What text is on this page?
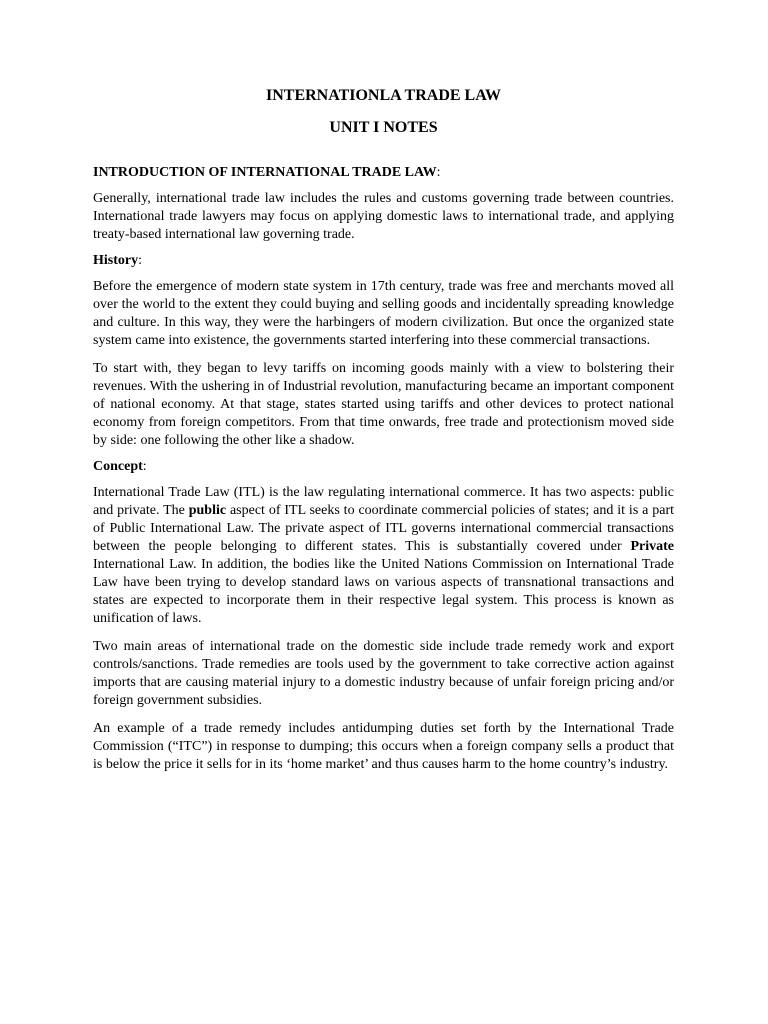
INTERNATIONLA TRADE LAW
UNIT I NOTES
INTRODUCTION OF INTERNATIONAL TRADE LAW:

Generally, international trade law includes the rules and customs governing trade between countries. International trade lawyers may focus on applying domestic laws to international trade, and applying treaty-based international law governing trade.

History:

Before the emergence of modern state system in 17th century, trade was free and merchants moved all over the world to the extent they could buying and selling goods and incidentally spreading knowledge and culture. In this way, they were the harbingers of modern civilization. But once the organized state system came into existence, the governments started interfering into these commercial transactions.

To start with, they began to levy tariffs on incoming goods mainly with a view to bolstering their revenues. With the ushering in of Industrial revolution, manufacturing became an important component of national economy. At that stage, states started using tariffs and other devices to protect national economy from foreign competitors. From that time onwards, free trade and protectionism moved side by side: one following the other like a shadow.

Concept:

International Trade Law (ITL) is the law regulating international commerce. It has two aspects: public and private. The public aspect of ITL seeks to coordinate commercial policies of states; and it is a part of Public International Law. The private aspect of ITL governs international commercial transactions between the people belonging to different states. This is substantially covered under Private International Law. In addition, the bodies like the United Nations Commission on International Trade Law have been trying to develop standard laws on various aspects of transnational transactions and states are expected to incorporate them in their respective legal system. This process is known as unification of laws.

Two main areas of international trade on the domestic side include trade remedy work and export controls/sanctions. Trade remedies are tools used by the government to take corrective action against imports that are causing material injury to a domestic industry because of unfair foreign pricing and/or foreign government subsidies.

An example of a trade remedy includes antidumping duties set forth by the International Trade Commission (“ITC”) in response to dumping; this occurs when a foreign company sells a product that is below the price it sells for in its ‘home market’ and thus causes harm to the home country’s industry.
